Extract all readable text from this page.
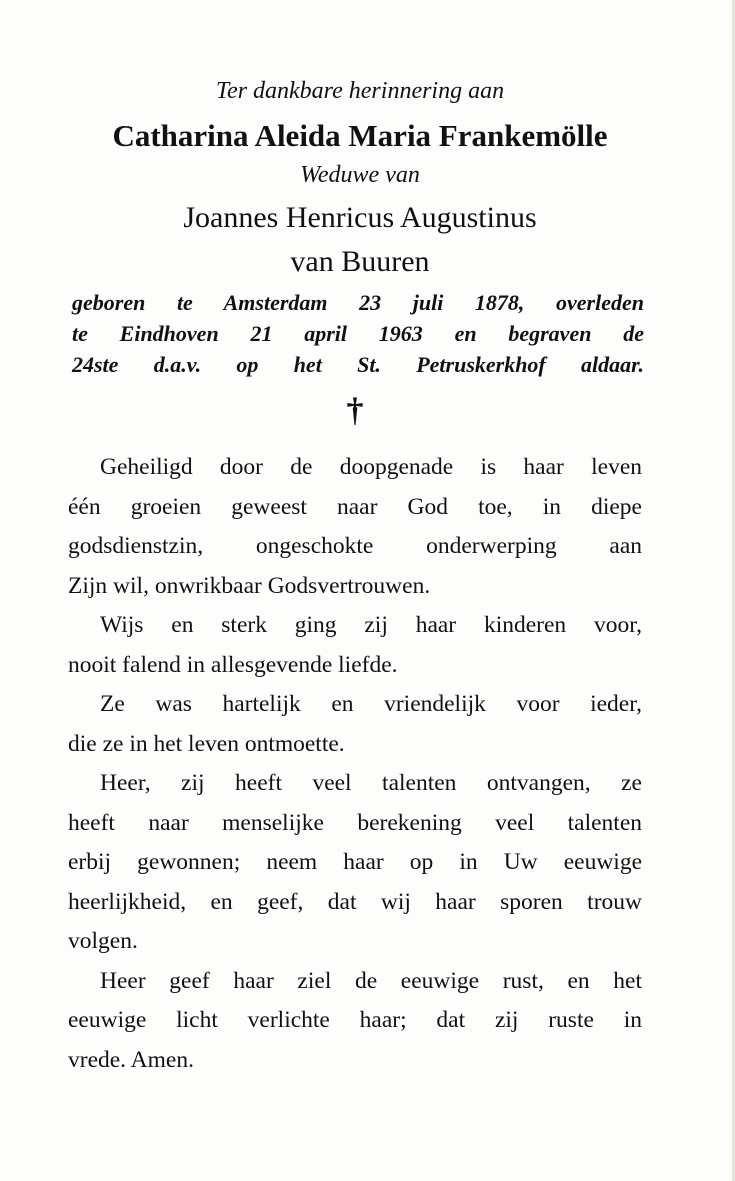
Ter dankbare herinnering aan
Catharina Aleida Maria Frankemölle
Weduwe van
Joannes Henricus Augustinus
van Buuren
geboren te Amsterdam 23 juli 1878, overleden
te Eindhoven 21 april 1963 en begraven de
24ste d.a.v. op het St. Petruskerkhof aldaar.
†

Geheiligd door de doopgenade is haar leven
één groeien geweest naar God toe, in diepe
godsdienstzin, ongeschokte onderwerping aan
Zijn wil, onwrikbaar Godsvertrouwen.

Wijs en sterk ging zij haar kinderen voor,
nooit falend in allesgevende liefde.

Ze was hartelijk en vriendelijk voor ieder,
die ze in het leven ontmoette.

Heer, zij heeft veel talenten ontvangen, ze
heeft naar menselijke berekening veel talenten
erbij gewonnen; neem haar op in Uw eeuwige
heerlijkheid, en geef, dat wij haar sporen trouw
volgen.

Heer geef haar ziel de eeuwige rust, en het
eeuwige licht verlichte haar; dat zij ruste in
vrede. Amen.
